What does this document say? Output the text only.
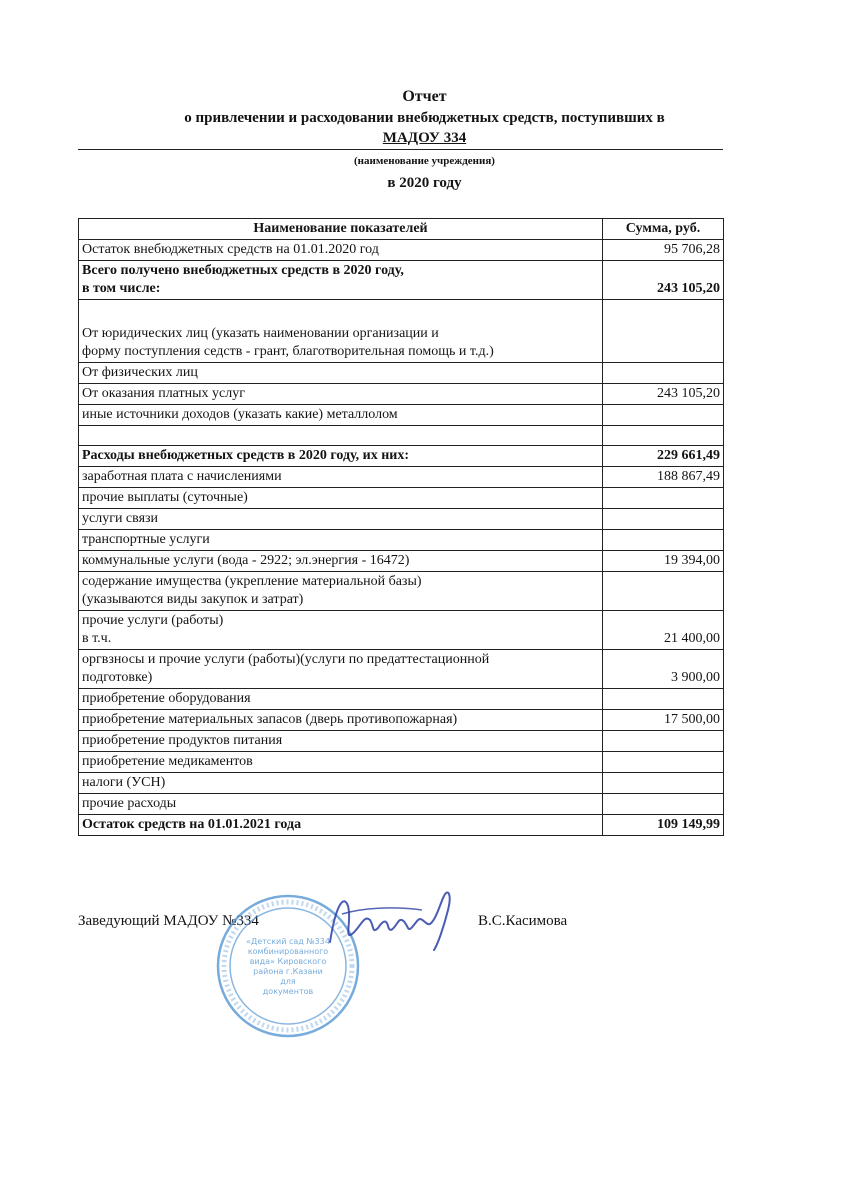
Отчет
о привлечении и расходовании внебюджетных средств, поступивших в
МАДОУ 334
(наименование учреждения)
в 2020 году
Наименование показателей	Сумма, руб.
Остаток внебюджетных средств на 01.01.2020 год	95 706,28
Всего получено внебюджетных средств в 2020 году,
в том числе:	243 105,20
От юридических лиц (указать наименовании организации и
форму поступления седств - грант, благотворительная помощь и т.д.)	
От физических лиц	
От оказания платных услуг	243 105,20
иные источники доходов (указать какие) металлолом	

Расходы внебюджетных средств в 2020 году, их них:	229 661,49
заработная плата с начислениями	188 867,49
прочие выплаты (суточные)	
услуги связи	
транспортные услуги	
коммунальные услуги (вода - 2922; эл.энергия - 16472)	19 394,00
содержание имущества (укрепление материальной базы)
(указываются виды закупок и затрат)	
прочие услуги (работы)
в т.ч.	21 400,00
оргвзносы и прочие услуги (работы)(услуги по предаттестационной
подготовке)	3 900,00
приобретение оборудования	
приобретение материальных запасов (дверь противопожарная)	17 500,00
приобретение продуктов питания	
приобретение медикаментов	
налоги (УСН)	
прочие расходы	
Остаток средств на 01.01.2021 года	109 149,99
Заведующий МАДОУ №334	В.С.Касимова
«Детский сад №334
комбинированного
вида» Кировского
района г.Казани
для
документов
